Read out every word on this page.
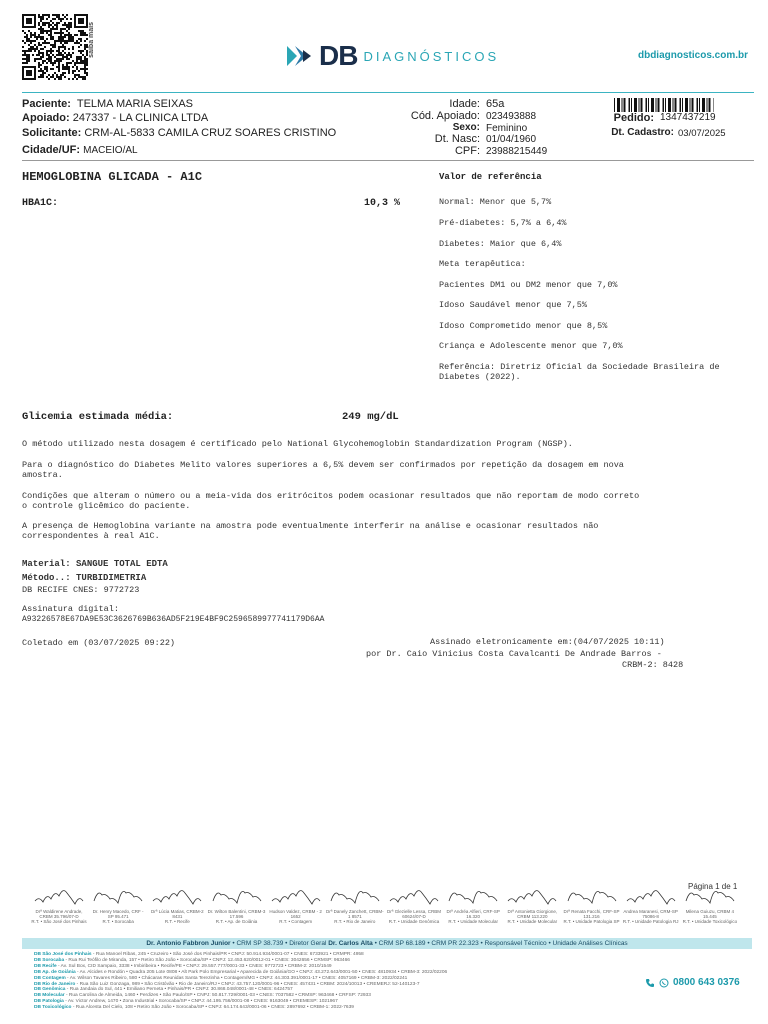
saiba mais	DB DIAGNÓSTICOS	dbdiagnosticos.com.br
Paciente: TELMA MARIA SEIXAS
Apoiado: 247337 - LA CLINICA LTDA
Solicitante: CRM-AL-5833 CAMILA CRUZ SOARES CRISTINO
Cidade/UF: MACEIO/AL
Idade: 65a
Cód. Apoiado: 023493888
Sexo: Feminino
Dt. Nasc: 01/04/1960
CPF: 23988215449
Pedido: 1347437219
Dt. Cadastro: 03/07/2025
HEMOGLOBINA GLICADA - A1C	Valor de referência
HBA1C:	10,3 %	Normal: Menor que 5,7%
Pré-diabetes: 5,7% a 6,4%
Diabetes: Maior que 6,4%
Meta terapêutica:
Pacientes DM1 ou DM2 menor que 7,0%
Idoso Saudável menor que 7,5%
Idoso Comprometido menor que 8,5%
Criança e Adolescente menor que 7,0%
Referência: Diretriz Oficial da Sociedade Brasileira de
Diabetes (2022).
Glicemia estimada média:	249 mg/dL
O método utilizado nesta dosagem é certificado pelo National Glycohemoglobin Standardization Program (NGSP).
Para o diagnóstico do Diabetes Melito valores superiores a 6,5% devem ser confirmados por repetição da dosagem em nova
amostra.
Condições que alteram o número ou a meia-vida dos eritrócitos podem ocasionar resultados que não reportam de modo correto
o controle glicêmico do paciente.
A presença de Hemoglobina variante na amostra pode eventualmente interferir na análise e ocasionar resultados não
correspondentes à real A1C.
Material: SANGUE TOTAL EDTA
Método..: TURBIDIMETRIA
DB RECIFE CNES: 9772723
Assinatura digital:
A93226578E67DA9E53C3626769B636AD5F219E4BF9C2596589977741179D6AA
Coletado em (03/07/2025 09:22)	Assinado eletronicamente em:(04/07/2025 10:11)
por Dr. Caio Vinicius Costa Cavalcanti De Andrade Barros -
CRBM-2: 8428
Página 1 de 1
Drª Waldirene Andrade, CRBM 35.796/07-D
R.T. • São José dos Pinhais
Dr. Henry Macedo, CRF - SP 95.471
R.T. • Sorocaba
Drª Lúcia Matias, CRBM-2 8431
R.T. • Recife
Dr. Wilton Balentini, CRBM-3 17.596
R.T. • Ap. de Goiânia
Hudson Valdez, CRBM - 2 1652
R.T. • Contagem
Drª Danely Zanchett, CRBM-1 8571
R.T. • Rio de Janeiro
Drª Glezielle Lessa, CRBM 60624/07-D
R.T. • Unidade Genômica
Drª Andréa Alfieri, CRF-SP 16.320
R.T. • Unidade Molecular
Drª Antonietta Giorgione, CRBM 113.220
R.T. • Unidade Molecular
Drª Renata Facchi, CRF-SP 131.216
R.T. • Unidade Patologia SP
Andrea Maranesi, CRM-SP 75086-8
R.T. • Unidade Patologia RJ
Milena Guiuzu, CRBM 4 15.445
R.T. • Unidade Toxicológico
Dr. Antonio Fabbron Junior • CRM SP 38.739 • Diretor Geral Dr. Carlos Alta • CRM SP 68.189 • CRM PR 22.323 • Responsável Técnico • Unidade Análises Clínicas
DB São José dos Pinhais - Rua Manoel Ribas, 245 • Cruzeiro • São José dos Pinhais/PR • CNPJ: 50.914.934/0001-07 • CNES: 6733921 • CRMPR: 4958
DB Sorocaba - Rua Rui Teófilo de Miranda, 157 • Retiro São João • Sorocaba/SP • CNPJ: 12.453.620/0012-01 • CNES: 3042656 • CRMSP: 963466
DB Recife - Av. Sul Box, CID Sampaio, 3338 • Imbiribeira • Recife/PE • CNPJ: 29.557.777/0001-33 • CNES: 9772723 • CRBM-2: 2010/1549
DB Ap. de Goiânia - Av. Alcides e Rondón • Quadra 205 Lote 0808 • Alt Park Polo Empresarial • Aparecida de Goiânia/GO • CNPJ: 43.272.643/0001-50 • CNES: 4810934 • CRBM-3: 2022/02206
DB Contagem - Av. Wilson Tavares Ribeiro, 580 • Chácaras Reunidas Santa Terezinha • Contagem/MG • CNPJ: 44.303.391/0001-17 • CNES: 4057169 • CRBM-3: 2022/02241
DB Rio de Janeiro - Rua São Luiz Gonzaga, 989 • São Cristóvão • Rio de Janeiro/RJ • CNPJ: 43.757.120/0001-96 • CNES: 457431 • CRBM: 2024/10013 • CREMERJ: 52-140123-7
DB Genômica - Rua Jandaia do Sul, 441 • Emiliano Perneta • Pinhais/PR • CNPJ: 30.868.048/0001-48 • CNES: 6424757
DB Molecular - Rua Carolina de Almeida, 1460 • Perdizes • São Paulo/SP • CNPJ: 50.817.729/0001-03 • CNES: 7037582 • CRMSP: 963468 • CRFSP: 72933
DB Patologia - Av. Victor Andrew, 1470 • Zona Industrial • Sorocaba/SP • CNPJ: 44.195.756/0001-08 • CNES: 9163049 • CREMESP: 1021967
DB Toxicológico - Rua Alcesta Del Cielo, 108 • Retiro São João • Sorocaba/SP • CNPJ: 64.174.643/0001-06 • CNES: 2897692 • CRBM-1: 2022-7639
0800 643 0376
